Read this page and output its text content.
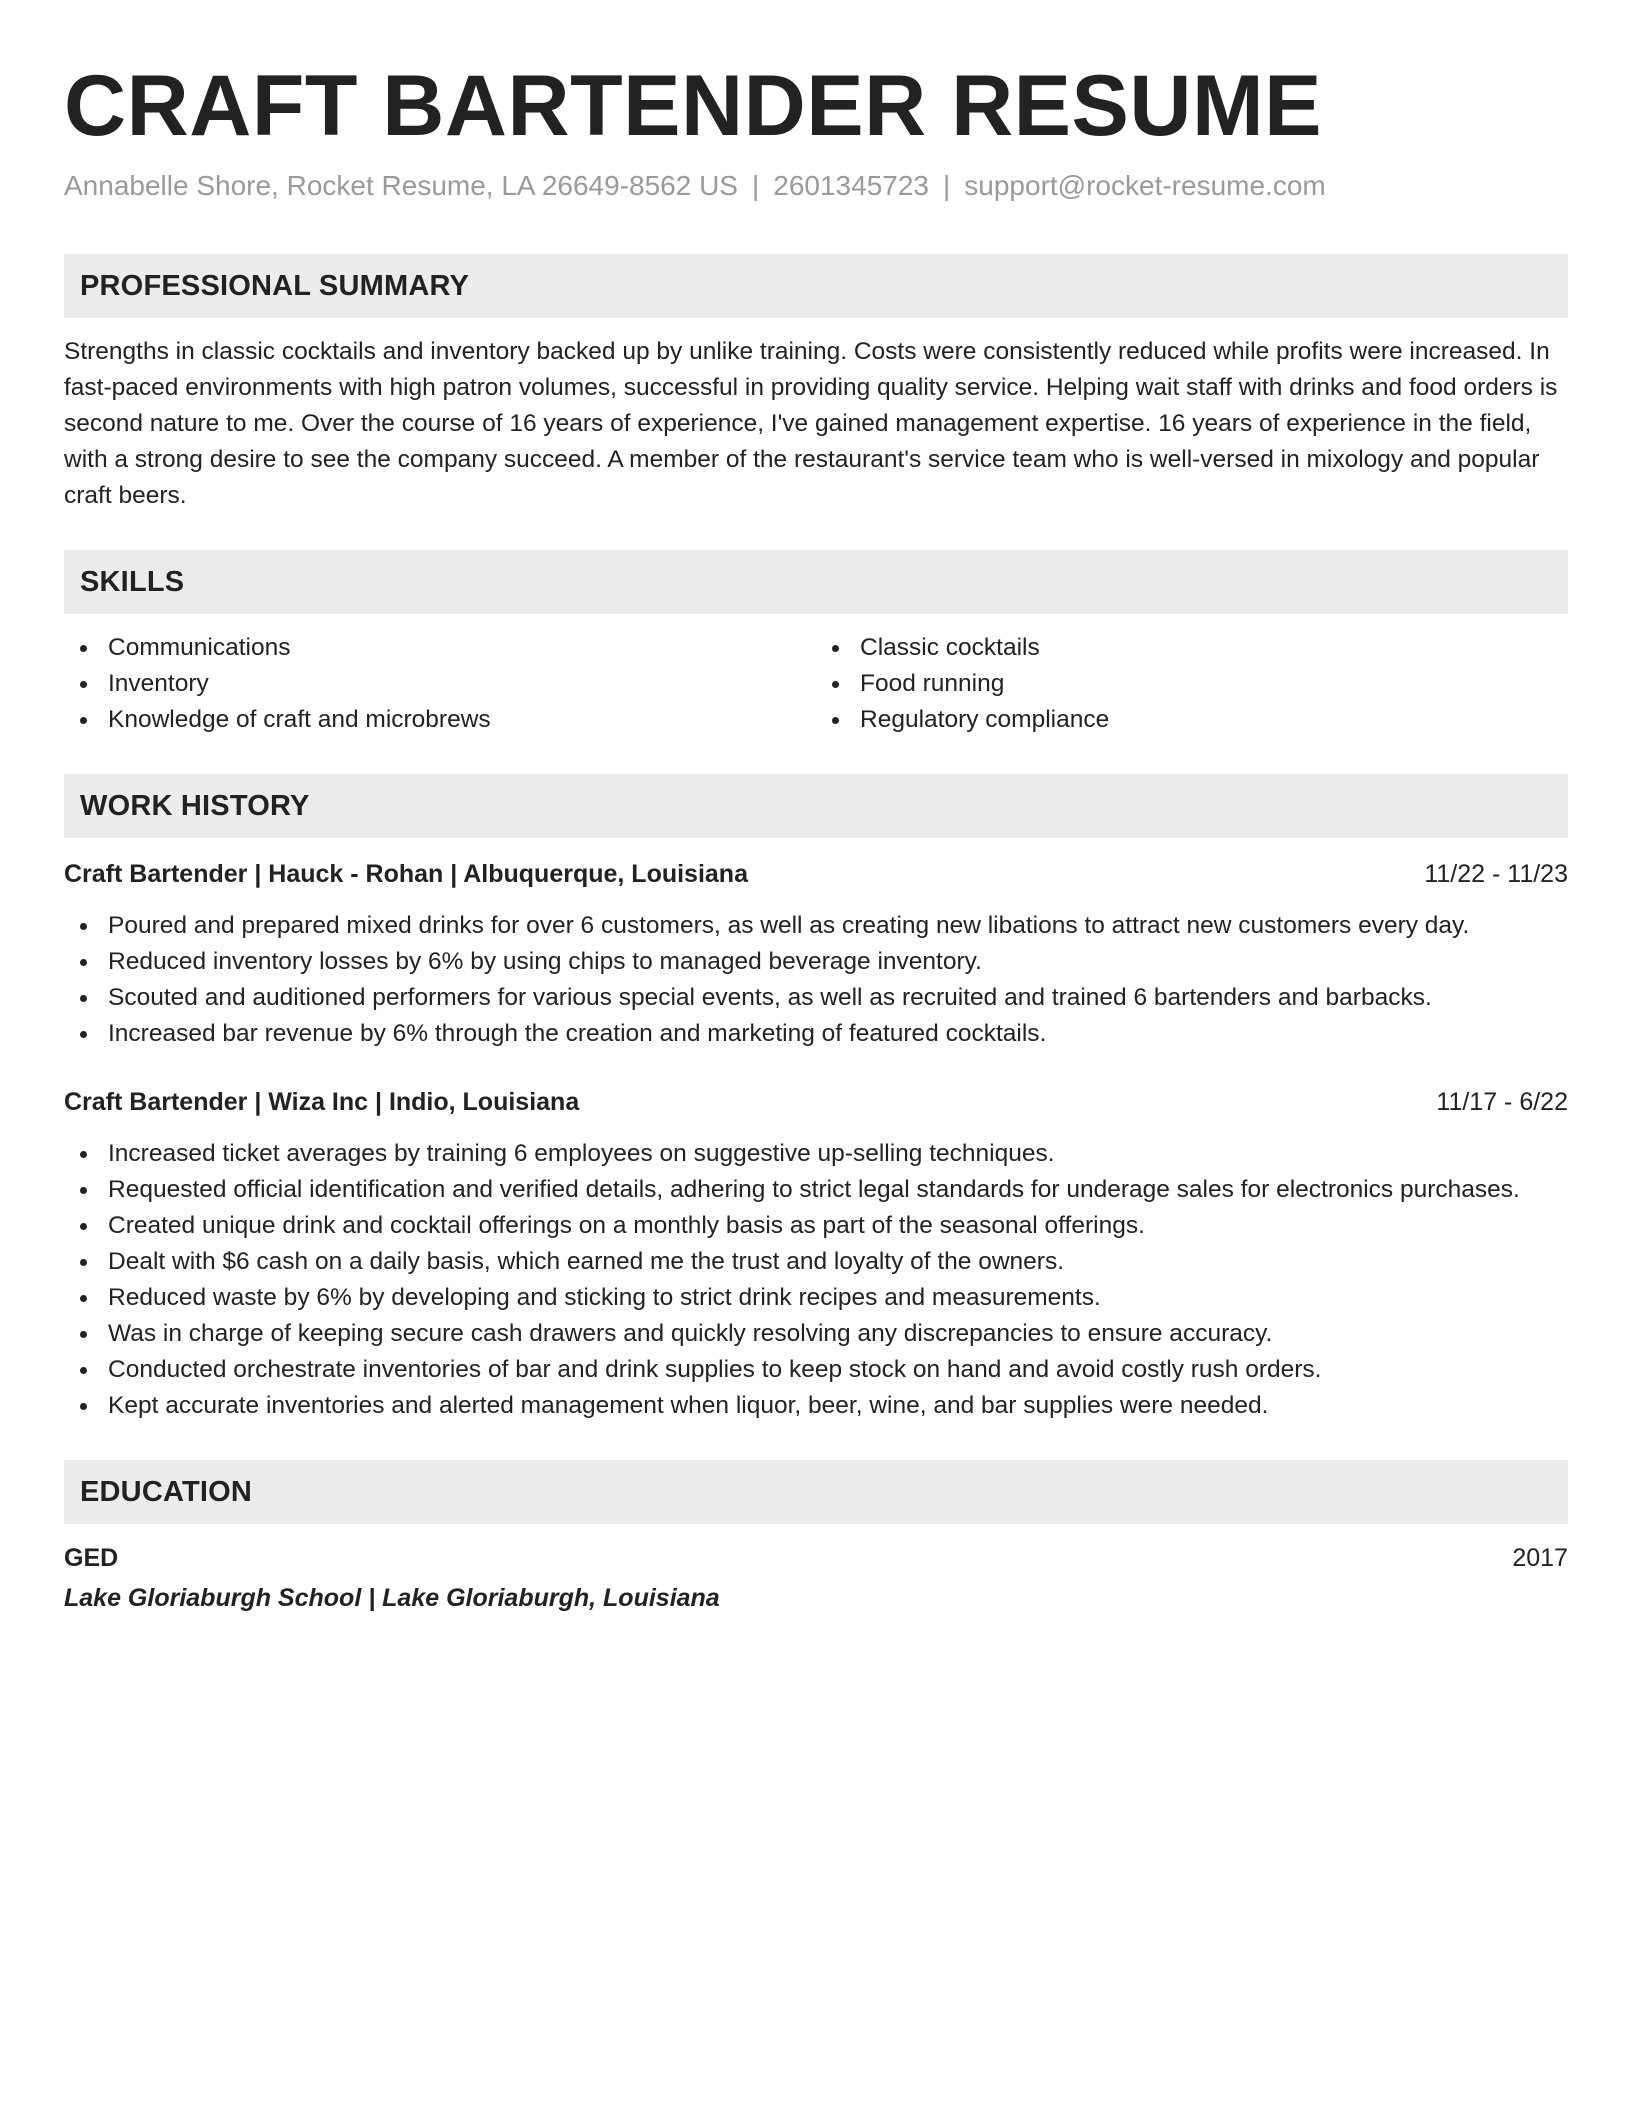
CRAFT BARTENDER RESUME
Annabelle Shore, Rocket Resume, LA 26649-8562 US | 2601345723 | support@rocket-resume.com
PROFESSIONAL SUMMARY
Strengths in classic cocktails and inventory backed up by unlike training. Costs were consistently reduced while profits were increased. In fast-paced environments with high patron volumes, successful in providing quality service. Helping wait staff with drinks and food orders is second nature to me. Over the course of 16 years of experience, I've gained management expertise. 16 years of experience in the field, with a strong desire to see the company succeed. A member of the restaurant's service team who is well-versed in mixology and popular craft beers.
SKILLS
Communications
Inventory
Knowledge of craft and microbrews
Classic cocktails
Food running
Regulatory compliance
WORK HISTORY
Craft Bartender | Hauck - Rohan | Albuquerque, Louisiana	11/22 - 11/23
Poured and prepared mixed drinks for over 6 customers, as well as creating new libations to attract new customers every day.
Reduced inventory losses by 6% by using chips to managed beverage inventory.
Scouted and auditioned performers for various special events, as well as recruited and trained 6 bartenders and barbacks.
Increased bar revenue by 6% through the creation and marketing of featured cocktails.
Craft Bartender | Wiza Inc | Indio, Louisiana	11/17 - 6/22
Increased ticket averages by training 6 employees on suggestive up-selling techniques.
Requested official identification and verified details, adhering to strict legal standards for underage sales for electronics purchases.
Created unique drink and cocktail offerings on a monthly basis as part of the seasonal offerings.
Dealt with $6 cash on a daily basis, which earned me the trust and loyalty of the owners.
Reduced waste by 6% by developing and sticking to strict drink recipes and measurements.
Was in charge of keeping secure cash drawers and quickly resolving any discrepancies to ensure accuracy.
Conducted orchestrate inventories of bar and drink supplies to keep stock on hand and avoid costly rush orders.
Kept accurate inventories and alerted management when liquor, beer, wine, and bar supplies were needed.
EDUCATION
GED	2017
Lake Gloriaburgh School | Lake Gloriaburgh, Louisiana
